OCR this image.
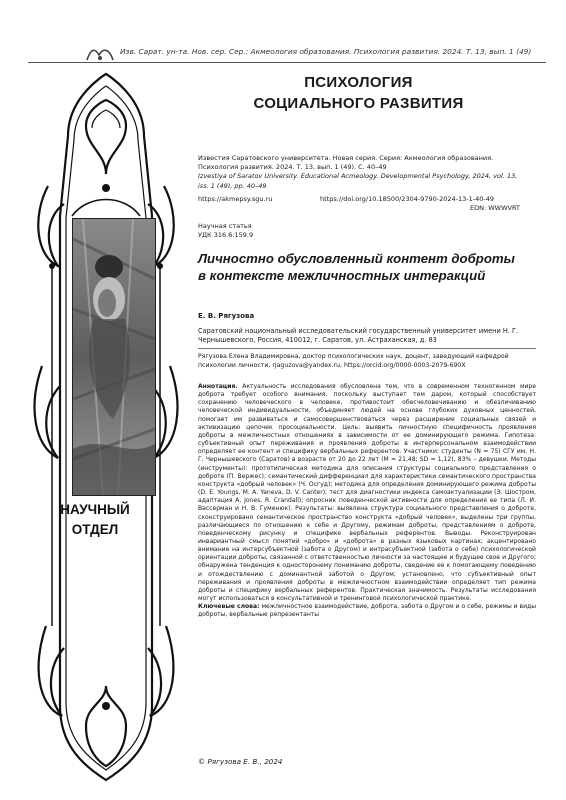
Изв. Сарат. ун-та. Нов. сер. Сер.: Акмеология образования. Психология развития. 2024. Т. 13, вып. 1 (49)
НАУЧНЫЙ
ОТДЕЛ
ПСИХОЛОГИЯ
СОЦИАЛЬНОГО РАЗВИТИЯ
Известия Саратовского университета. Новая серия. Серия: Акмеология образования. Психология развития. 2024. Т. 13, вып. 1 (49). С. 40–49
Izvestiya of Saratov University. Educational Acmeology. Developmental Psychology, 2024, vol. 13, iss. 1 (49), pp. 40–49
https://akmepsy.sgu.ru	https://doi.org/10.18500/2304-9790-2024-13-1-40-49
EDN: WWWVRT
Научная статья
УДК 316.6:159.9
Личностно обусловленный контент доброты в контексте межличностных интеракций
Е. В. Рягузова
Саратовский национальный исследовательский государственный университет имени Н. Г. Чернышевского, Россия, 410012, г. Саратов, ул. Астраханская, д. 83
Рягузова Елена Владимировна, доктор психологических наук, доцент, заведующий кафедрой психологии личности, rjaguzova@yandex.ru, https://orcid.org/0000-0003-2079-690X
Аннотация. Актуальность исследования обусловлена тем, что в современном техногенном мире доброта требует особого внимания, поскольку выступает тем даром, который способствует сохранению человеческого в человеке, противостоит обесчеловечиванию и обезличиванию человеческой индивидуальности, объединяет людей на основе глубоких духовных ценностей, помогает им развиваться и самосовершенствоваться через расширение социальных связей и активизацию цепочек просоциальности. Цель: выявить личностную специфичность проявления доброты в межличностных отношениях в зависимости от ее доминирующего режима. Гипотеза: субъективный опыт переживания и проявления доброты в интерперсональном взаимодействии определяет ее контент и специфику вербальных референтов. Участники: студенты (N = 75) СГУ им. Н. Г. Чернышевского (Саратов) в возрасте от 20 до 22 лет (M = 21,48; SD = 1,12), 83% – девушки. Методы (инструменты): прототипическая методика для описания структуры социального представления о доброте (П. Вержес); семантический дифференциал для характеристики семантического пространства конструкта «добрый человек» (Ч. Осгуд); методика для определения доминирующего режима доброты (D. E. Youngs, M. A. Yaneva, D. V. Canter); тест для диагностики индекса самоактуализации (Э. Шостром, адаптация A. Jones, R. Crandall); опросник поведенческой активности для определения ее типа (Л. И. Вассерман и Н. В. Гуменюк). Результаты: выявлена структура социального представления о доброте, сконструировано семантическое пространство конструкта «добрый человек», выделены три группы, различающиеся по отношению к себе и Другому, режимам доброты, представлениям о доброте, поведенческому рисунку и специфике вербальных референтов. Выводы. Реконструирован инвариантный смысл понятий «добро» и «доброта» в разных языковых картинах; акцентировано внимание на интерсубъектной (забота о Другом) и интрасубъектной (забота о себе) психологической ориентации доброты, связанной с ответственностью личности за настоящее и будущее свое и Другого; обнаружена тенденция к односторонему пониманию доброты, сведение ее к помогающему поведению и отождествлению с доминантной заботой о Другом; установлено, что субъективный опыт переживания и проявления доброты в межличностном взаимодействии определяет тип режима доброты и специфику вербальных референтов. Практическая значимость. Результаты исследования могут использоваться в консультативной и тренинговой психологической практике.
Ключевые слова: межличностное взаимодействие, доброта, забота о Другом и о себе, режимы и виды доброты, вербальные репрезентанты
© Рягузова Е. В., 2024
